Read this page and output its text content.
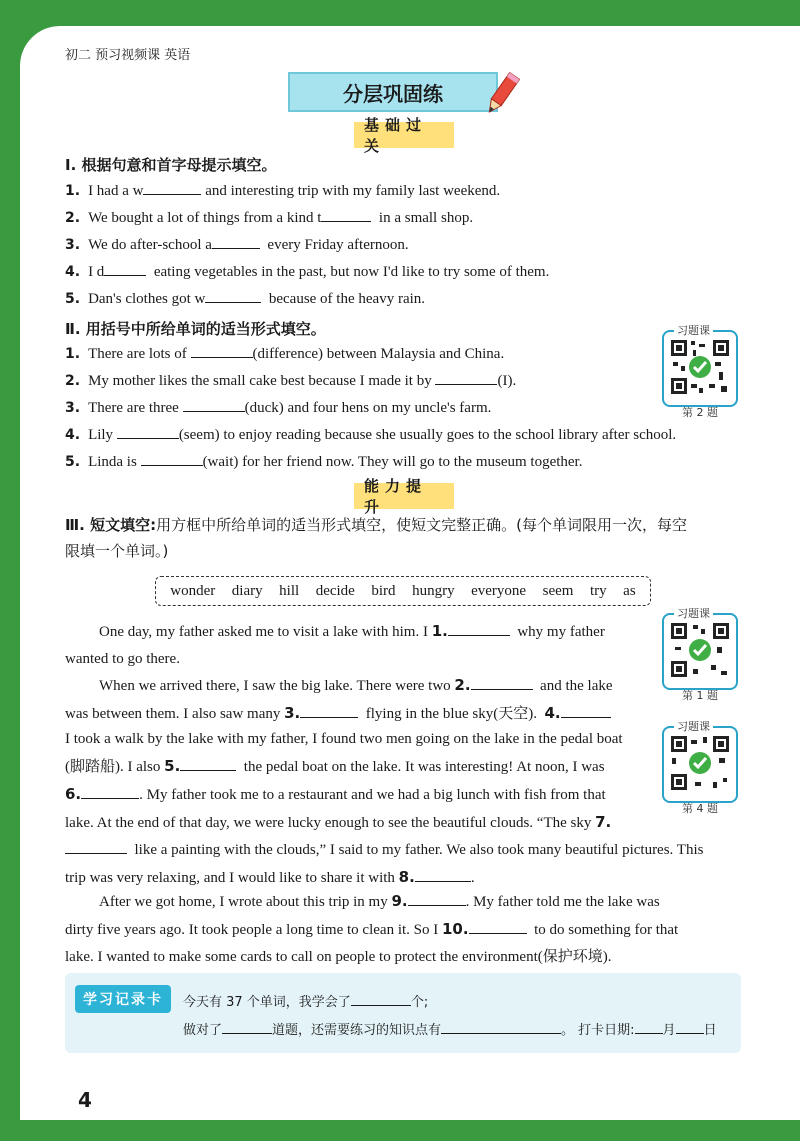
初二 预习视频课 英语
分层巩固练
基础过关
Ⅰ. 根据句意和首字母提示填空。
1. I had a w	and interesting trip with my family last weekend.
2. We bought a lot of things from a kind t	in a small shop.
3. We do after-school a	every Friday afternoon.
4. I d	eating vegetables in the past, but now I'd like to try some of them.
5. Dan's clothes got w	because of the heavy rain.
Ⅱ. 用括号中所给单词的适当形式填空。
1. There are lots of	(difference) between Malaysia and China.
2. My mother likes the small cake best because I made it by	(I).
3. There are three	(duck) and four hens on my uncle's farm.
4. Lily	(seem) to enjoy reading because she usually goes to the school library after school.
5. Linda is	(wait) for her friend now. They will go to the museum together.
习题课
第 2 题
能力提升
Ⅲ. 短文填空:用方框中所给单词的适当形式填空，使短文完整正确。(每个单词限用一次，每空
限填一个单词。)
wonder diary hill decide bird hungry everyone seem try as
习题课
第 1 题
习题课
第 4 题
One day, my father asked me to visit a lake with him. I 1.	why my father
wanted to go there.
When we arrived there, I saw the big lake. There were two 2.	and the lake
was between them. I also saw many 3.	flying in the blue sky(天空). 4.
I took a walk by the lake with my father, I found two men going on the lake in the pedal boat
(脚踏船). I also 5.	the pedal boat on the lake. It was interesting! At noon, I was
6.	. My father took me to a restaurant and we had a big lunch with fish from that
lake. At the end of that day, we were lucky enough to see the beautiful clouds. “The sky 7.
like a painting with the clouds,” I said to my father. We also took many beautiful pictures. This
trip was very relaxing, and I would like to share it with 8.	.
After we got home, I wrote about this trip in my 9.	. My father told me the lake was
dirty five years ago. It took people a long time to clean it. So I 10.	to do something for that
lake. I wanted to make some cards to call on people to protect the environment(保护环境).
学习记录卡	今天有 37 个单词，我学会了	个;
做对了	道题，还需要练习的知识点有	。 打卡日期: 月 日
4
